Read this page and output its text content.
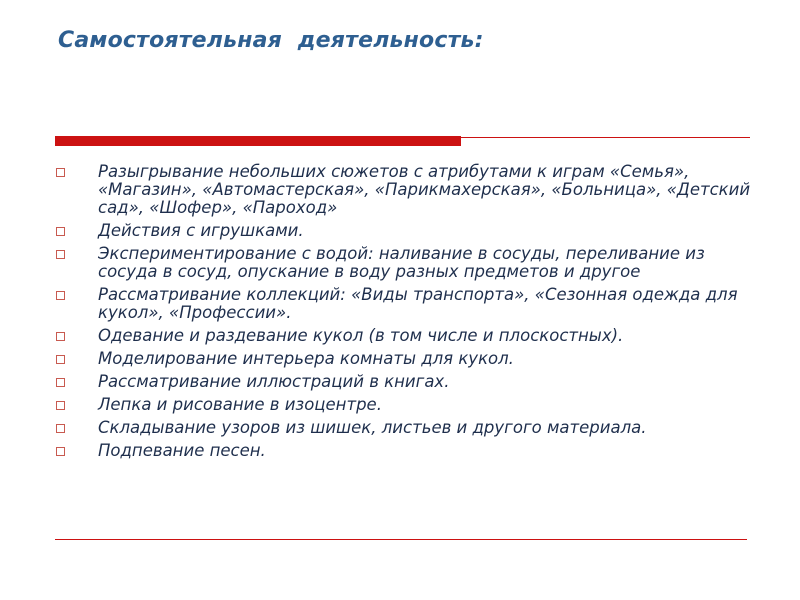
Самостоятельная  деятельность:
Разыгрывание небольших сюжетов с атрибутами к играм «Семья», «Магазин», «Автомастерская», «Парикмахерская», «Больница», «Детский сад», «Шофер», «Пароход»
Действия с игрушками.
Экспериментирование с водой: наливание в сосуды, переливание из сосуда в сосуд, опускание в воду разных предметов и другое
Рассматривание коллекций: «Виды транспорта», «Сезонная одежда для кукол», «Профессии».
Одевание и раздевание кукол (в том числе и плоскостных).
Моделирование интерьера комнаты для кукол.
Рассматривание иллюстраций в книгах.
Лепка и рисование в изоцентре.
Складывание узоров из шишек, листьев и другого материала.
Подпевание песен.
